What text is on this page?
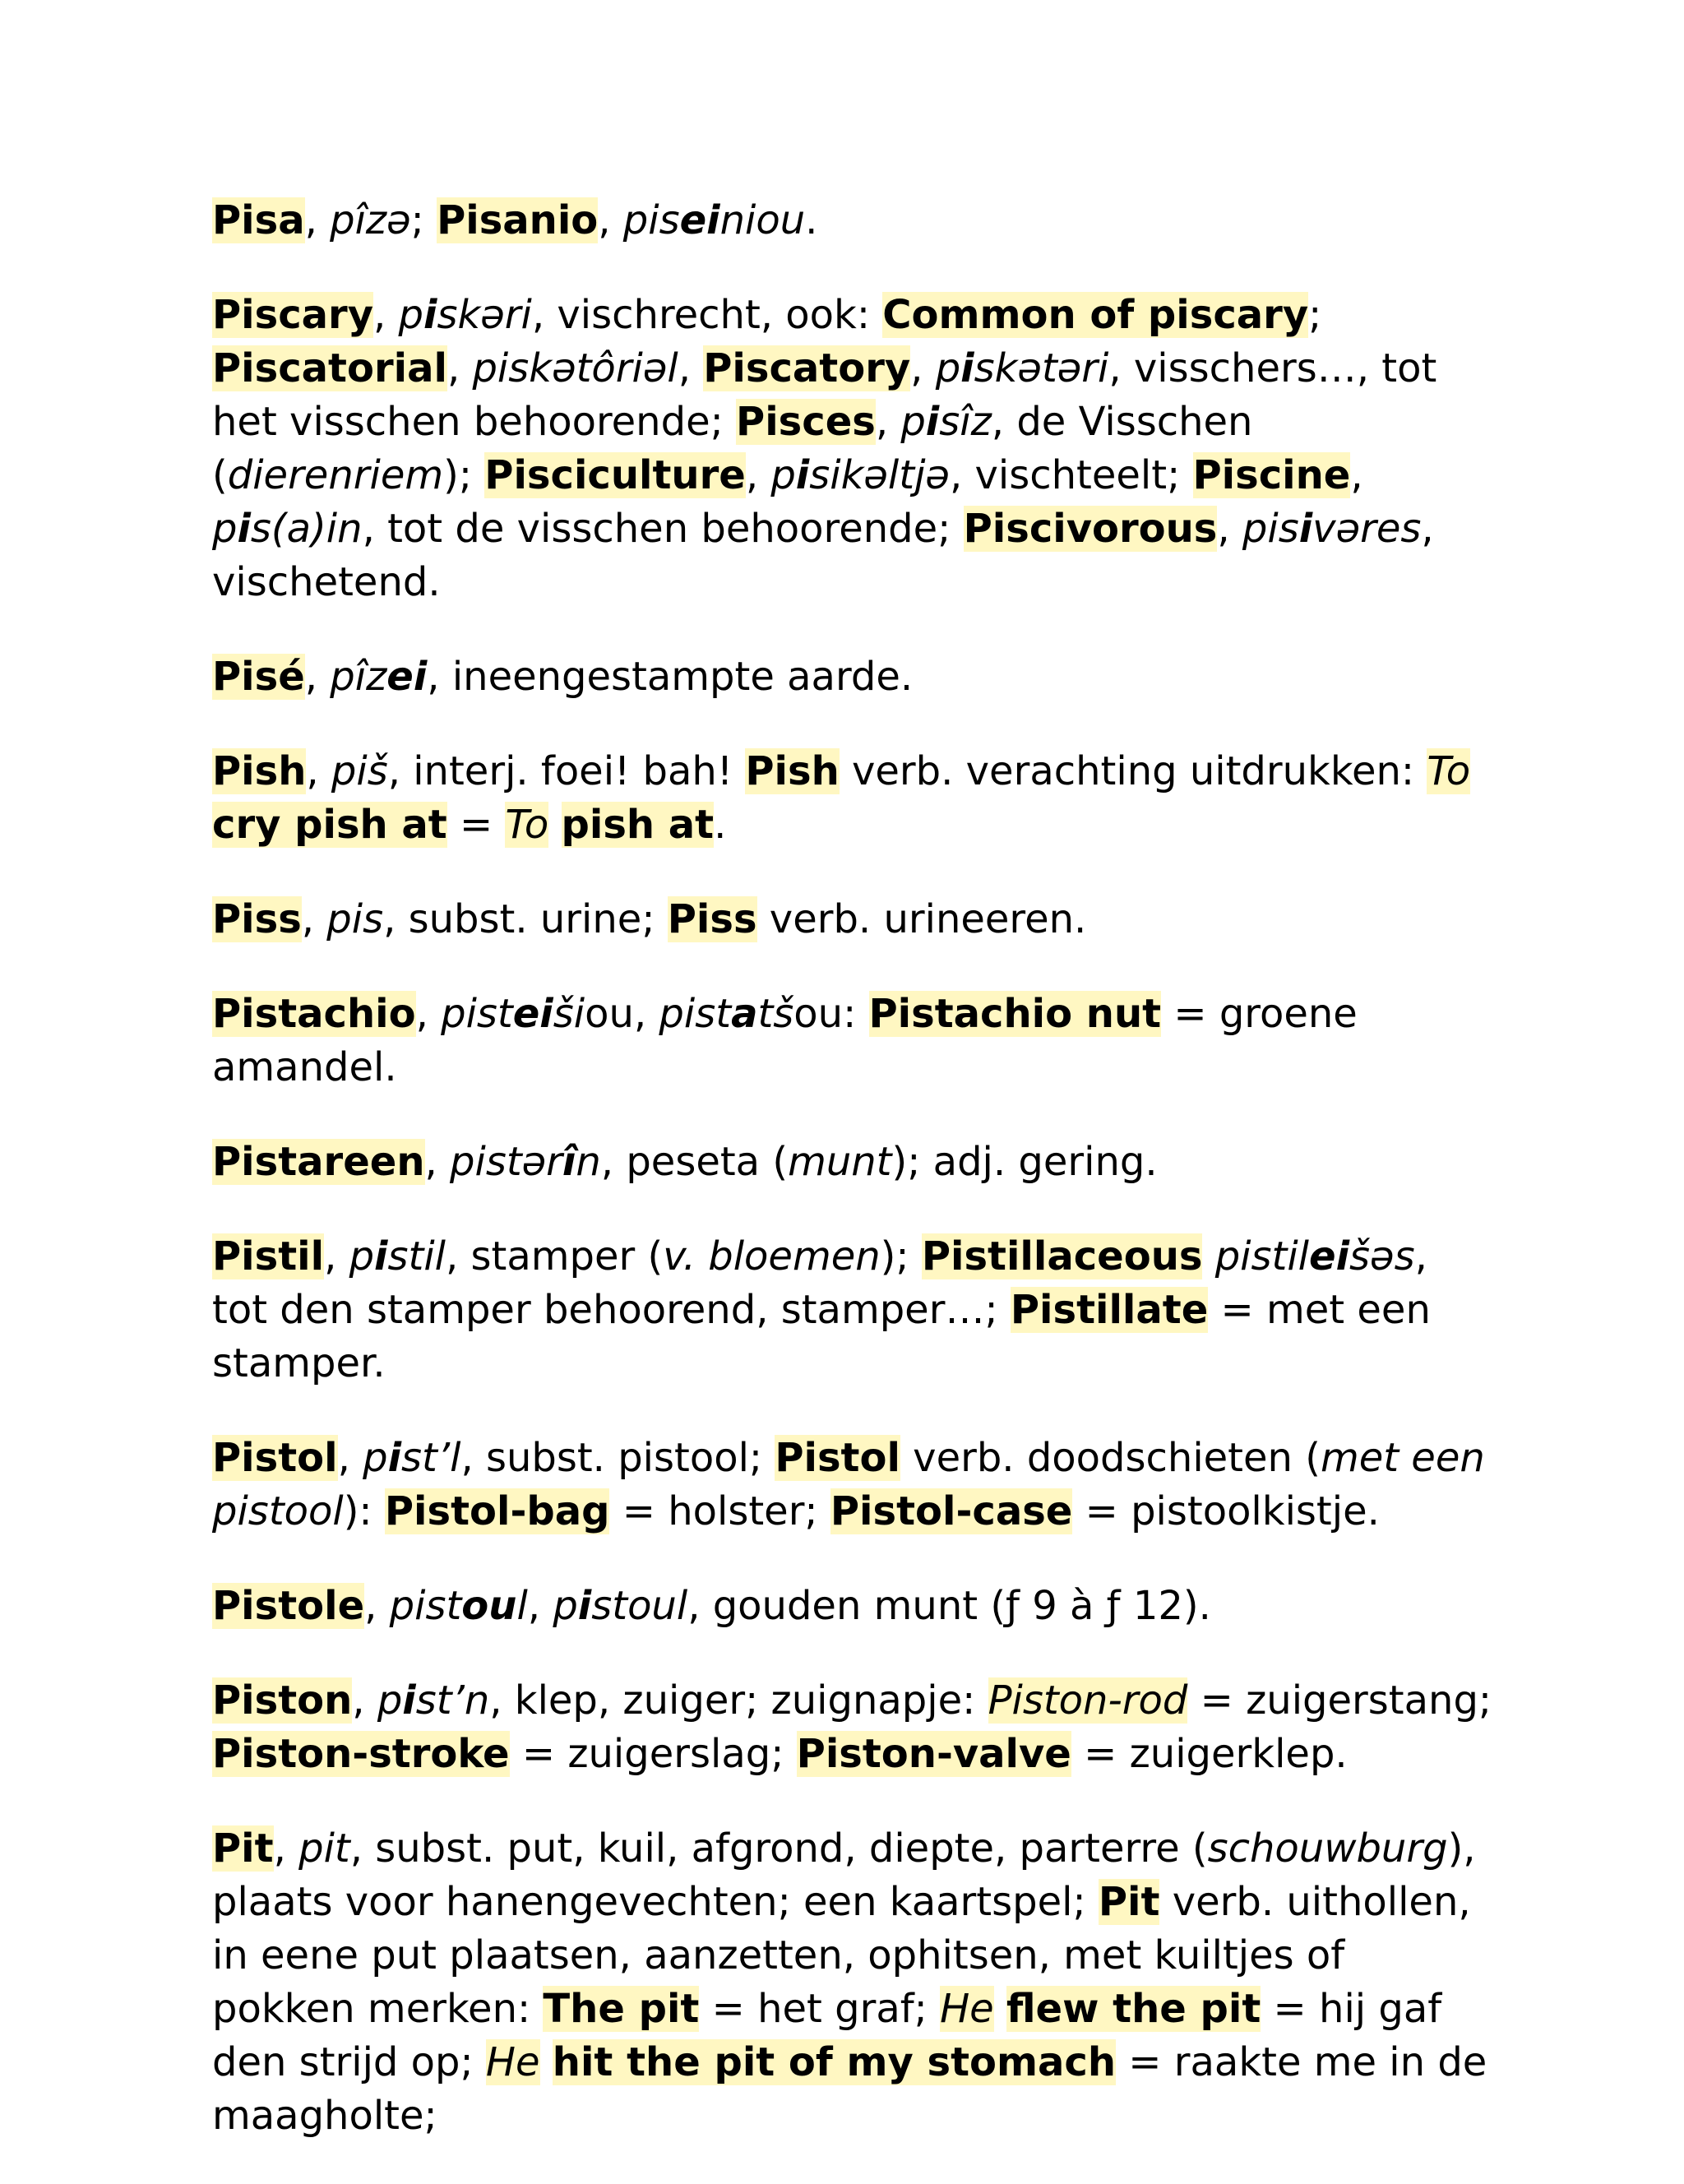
Pisa, pîzə; Pisanio, piseiniou.

Piscary, piskəri, vischrecht, ook: Common of piscary; Piscatorial, piskətôriəl, Piscatory, piskətəri, visschers…, tot het visschen behoorende; Pisces, pisîz, de Visschen (dierenriem); Pisciculture, pisikəltjə, vischteelt; Piscine, pis(a)in, tot de visschen behoorende; Piscivorous, pisivəres, vischetend.

Pisé, pîzei, ineengestampte aarde.

Pish, piš, interj. foei! bah! Pish verb. verachting uitdrukken: To cry pish at = To pish at.

Piss, pis, subst. urine; Piss verb. urineeren.

Pistachio, pisteišiou, pistatšou: Pistachio nut = groene amandel.

Pistareen, pistərîn, peseta (munt); adj. gering.

Pistil, pistil, stamper (v. bloemen); Pistillaceous pistileišəs, tot den stamper behoorend, stamper…; Pistillate = met een stamper.

Pistol, pist’l, subst. pistool; Pistol verb. doodschieten (met een pistool): Pistol-bag = holster; Pistol-case = pistoolkistje.

Pistole, pistoul, pistoul, gouden munt (ƒ 9 à ƒ 12).

Piston, pist’n, klep, zuiger; zuignapje: Piston-rod = zuigerstang; Piston-stroke = zuigerslag; Piston-valve = zuigerklep.

Pit, pit, subst. put, kuil, afgrond, diepte, parterre (schouwburg), plaats voor hanengevechten; een kaartspel; Pit verb. uithollen, in eene put plaatsen, aanzetten, ophitsen, met kuiltjes of pokken merken: The pit = het graf; He flew the pit = hij gaf den strijd op; He hit the pit of my stomach = raakte me in de maagholte;
